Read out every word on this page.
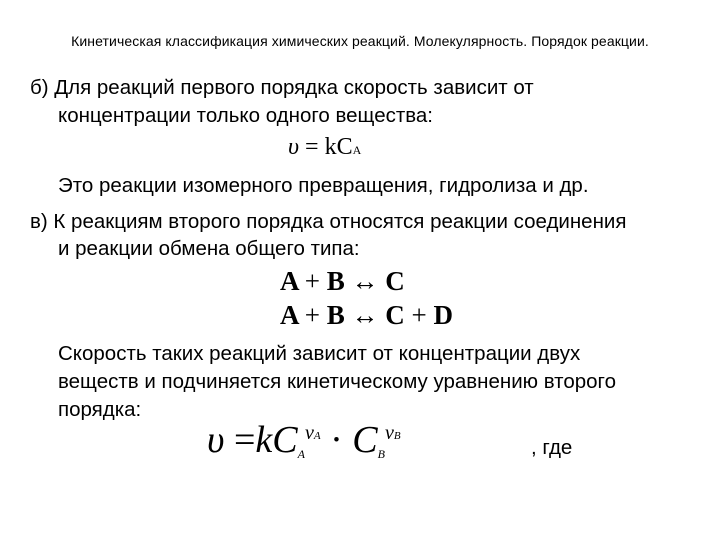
Кинетическая классификация химических реакций. Молекулярность. Порядок реакции.
б) Для реакций первого порядка скорость зависит от
концентрации только одного вещества:
υ = kCA
Это реакции изомерного превращения, гидролиза и др.
в) К реакциям второго порядка относятся реакции соединения
и реакции обмена общего типа:
A + B ↔ C
A + B ↔ C + D
Скорость таких реакций зависит от концентрации двух
веществ и подчиняется кинетическому уравнению второго
порядка:
$\upsilon =kCA^{\nu A} \cdot CB^{\nu B}$	, где
